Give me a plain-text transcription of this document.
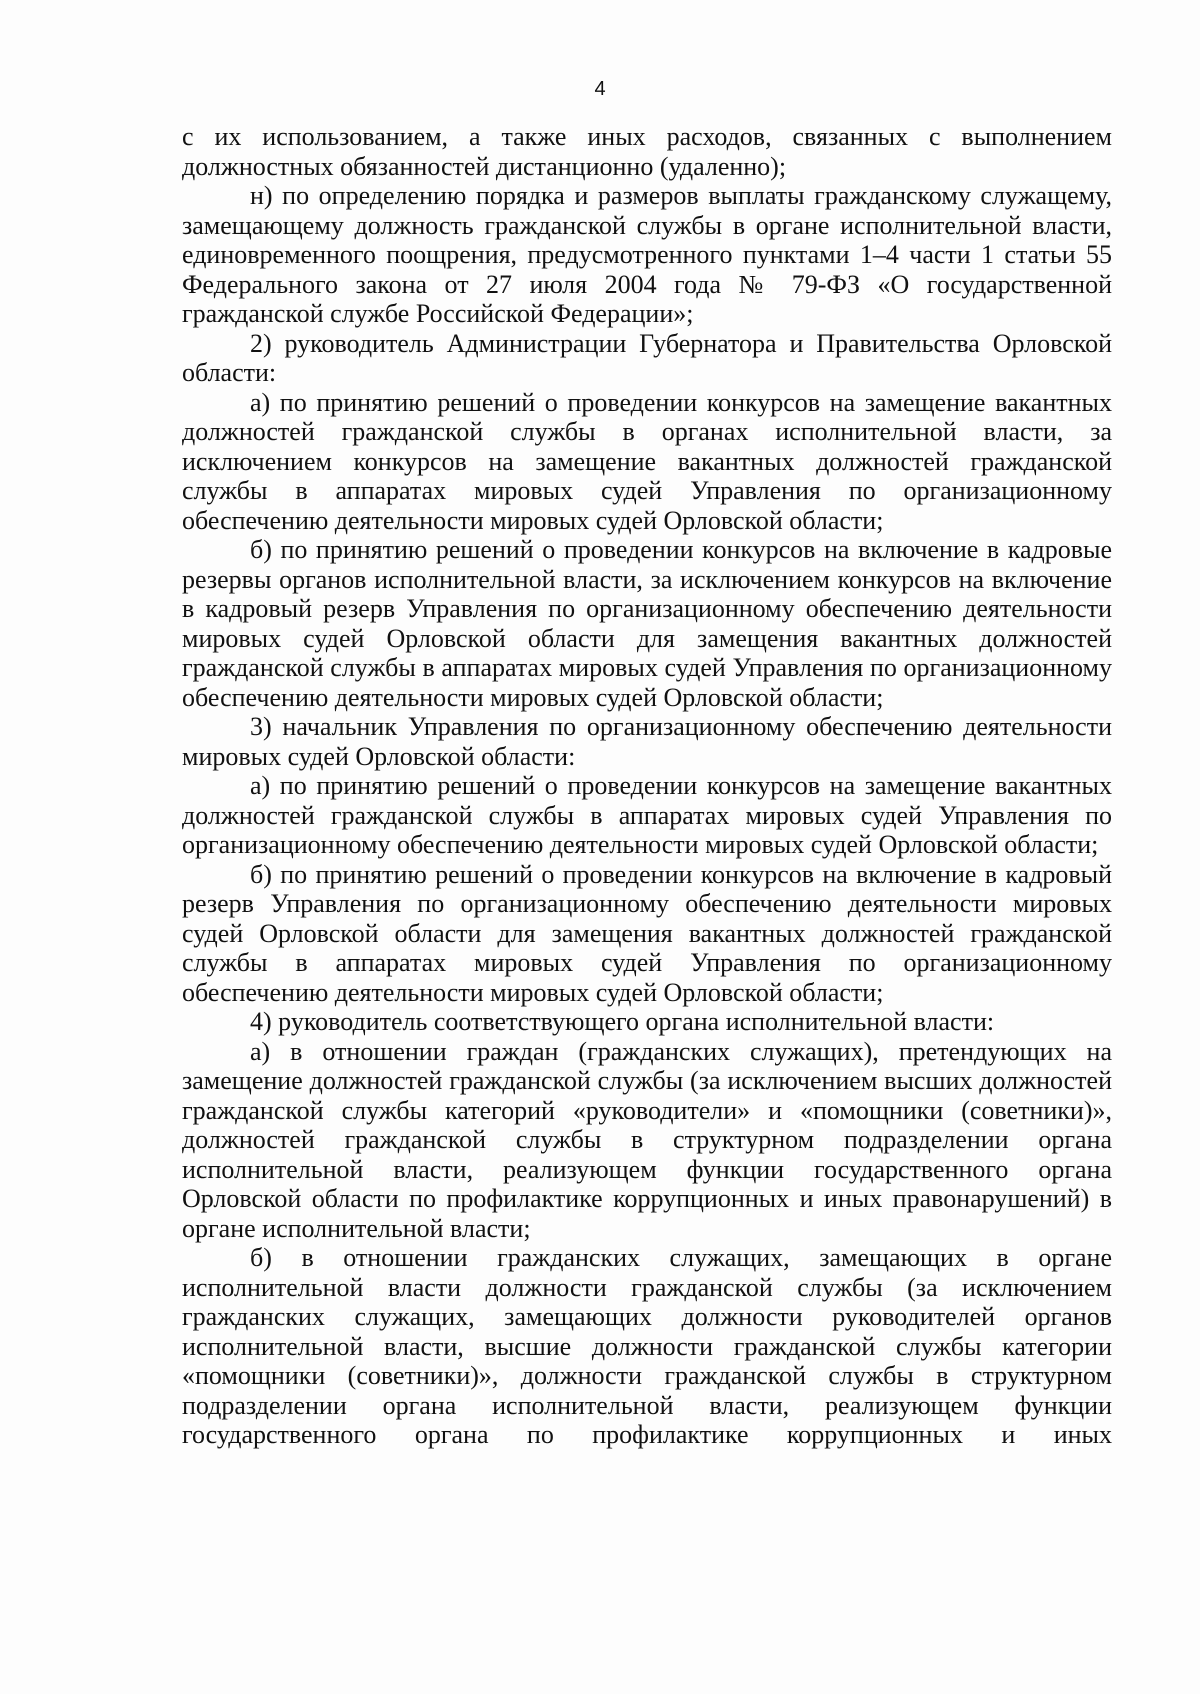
4

с их использованием, а также иных расходов, связанных с выполнением должностных обязанностей дистанционно (удаленно);

н) по определению порядка и размеров выплаты гражданскому служащему, замещающему должность гражданской службы в органе исполнительной власти, единовременного поощрения, предусмотренного пунктами 1–4 части 1 статьи 55 Федерального закона от 27 июля 2004 года № 79-ФЗ «О государственной гражданской службе Российской Федерации»;

2) руководитель Администрации Губернатора и Правительства Орловской области:

а) по принятию решений о проведении конкурсов на замещение вакантных должностей гражданской службы в органах исполнительной власти, за исключением конкурсов на замещение вакантных должностей гражданской службы в аппаратах мировых судей Управления по организационному обеспечению деятельности мировых судей Орловской области;

б) по принятию решений о проведении конкурсов на включение в кадровые резервы органов исполнительной власти, за исключением конкурсов на включение в кадровый резерв Управления по организационному обеспечению деятельности мировых судей Орловской области для замещения вакантных должностей гражданской службы в аппаратах мировых судей Управления по организационному обеспечению деятельности мировых судей Орловской области;

3) начальник Управления по организационному обеспечению деятельности мировых судей Орловской области:

а) по принятию решений о проведении конкурсов на замещение вакантных должностей гражданской службы в аппаратах мировых судей Управления по организационному обеспечению деятельности мировых судей Орловской области;

б) по принятию решений о проведении конкурсов на включение в кадровый резерв Управления по организационному обеспечению деятельности мировых судей Орловской области для замещения вакантных должностей гражданской службы в аппаратах мировых судей Управления по организационному обеспечению деятельности мировых судей Орловской области;

4) руководитель соответствующего органа исполнительной власти:

а) в отношении граждан (гражданских служащих), претендующих на замещение должностей гражданской службы (за исключением высших должностей гражданской службы категорий «руководители» и «помощники (советники)», должностей гражданской службы в структурном подразделении органа исполнительной власти, реализующем функции государственного органа Орловской области по профилактике коррупционных и иных правонарушений) в органе исполнительной власти;

б) в отношении гражданских служащих, замещающих в органе исполнительной власти должности гражданской службы (за исключением гражданских служащих, замещающих должности руководителей органов исполнительной власти, высшие должности гражданской службы категории «помощники (советники)», должности гражданской службы в структурном подразделении органа исполнительной власти, реализующем функции государственного органа по профилактике коррупционных и иных
